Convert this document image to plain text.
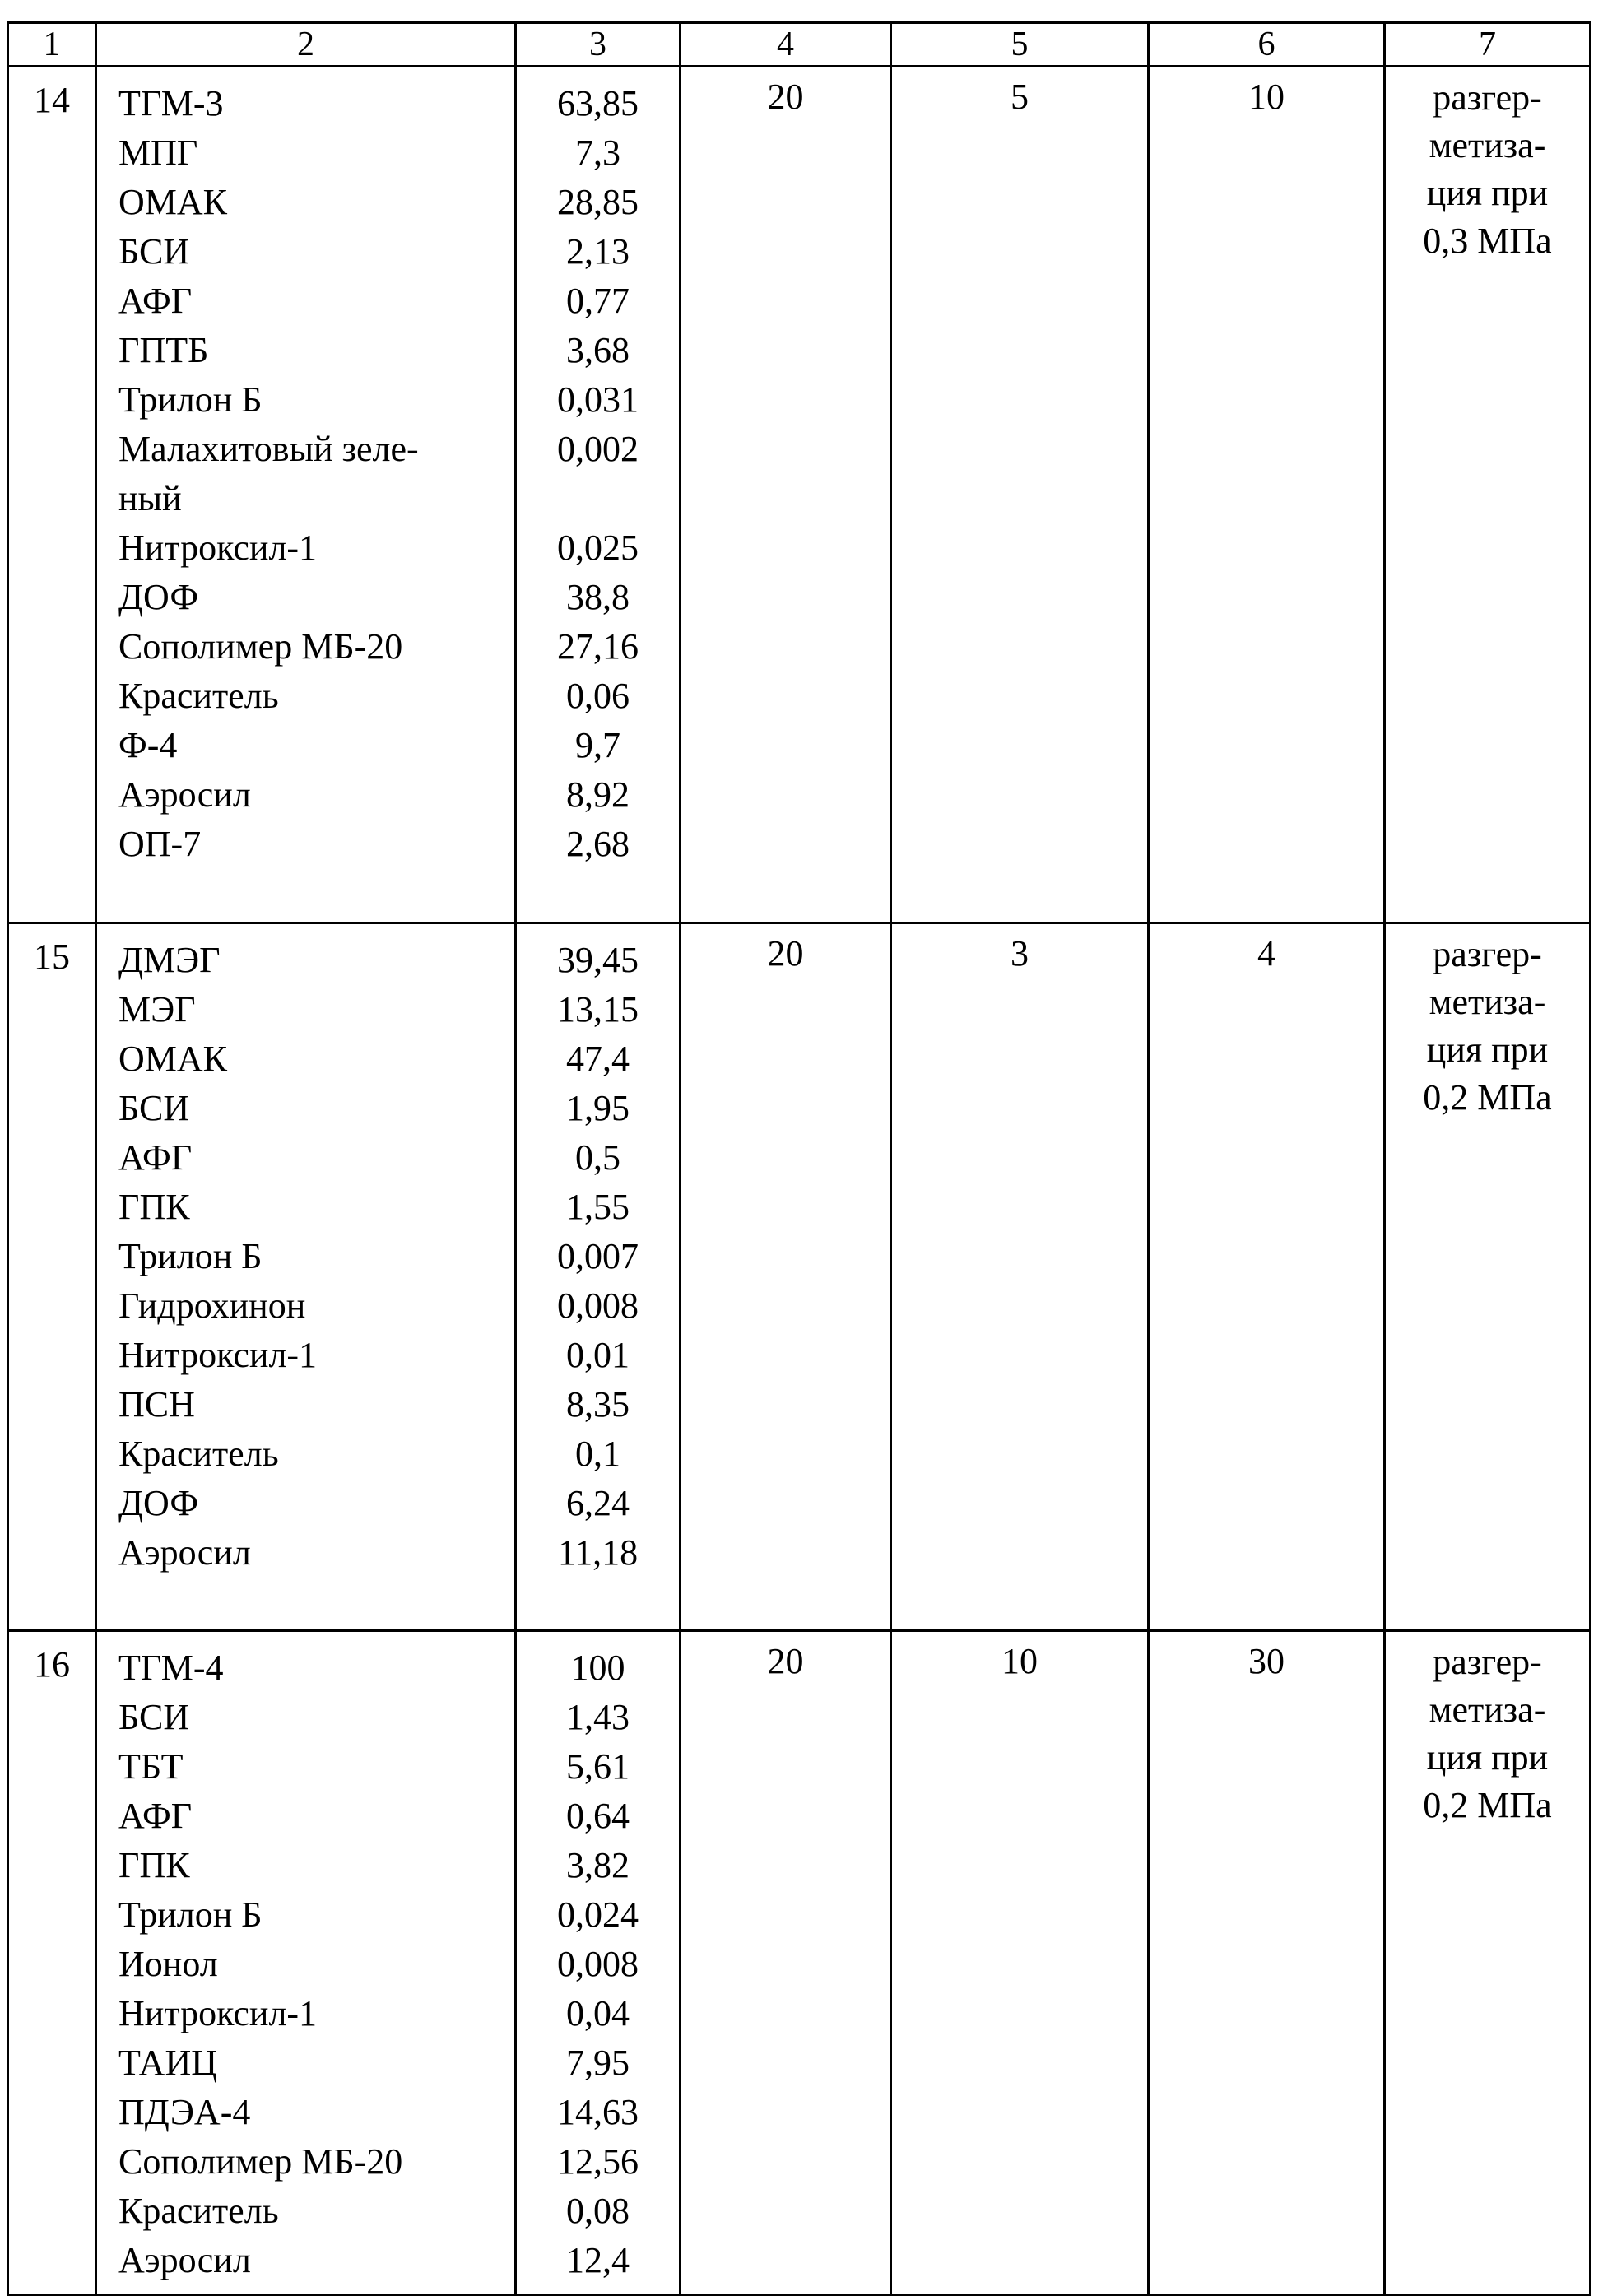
1	2	3	4	5	6	7
14	ТГМ-3
МПГ
ОМАК
БСИ
АФГ
ГПТБ
Трилон Б
Малахитовый зеле-
ный
Нитроксил-1
ДОФ
Сополимер МБ-20
Краситель
Ф-4
Аэросил
ОП-7

63,85
7,3
28,85
2,13
0,77
3,68
0,031
0,002
0,025
38,8
27,16
0,06
9,7
8,92
2,68
	20	5	10	разгер-
метиза-
ция при
0,3 МПа

15	ДМЭГ
МЭГ
ОМАК
БСИ
АФГ
ГПК
Трилон Б
Гидрохинон
Нитроксил-1
ПСН
Краситель
ДОФ
Аэросил

39,45
13,15
47,4
1,95
0,5
1,55
0,007
0,008
0,01
8,35
0,1
6,24
11,18
	20	3	4	разгер-
метиза-
ция при
0,2 МПа

16	ТГМ-4
БСИ
ТБТ
АФГ
ГПК
Трилон Б
Ионол
Нитроксил-1
ТАИЦ
ПДЭА-4
Сополимер МБ-20
Краситель
Аэросил

100
1,43
5,61
0,64
3,82
0,024
0,008
0,04
7,95
14,63
12,56
0,08
12,4
	20	10	30	разгер-
метиза-
ция при
0,2 МПа
